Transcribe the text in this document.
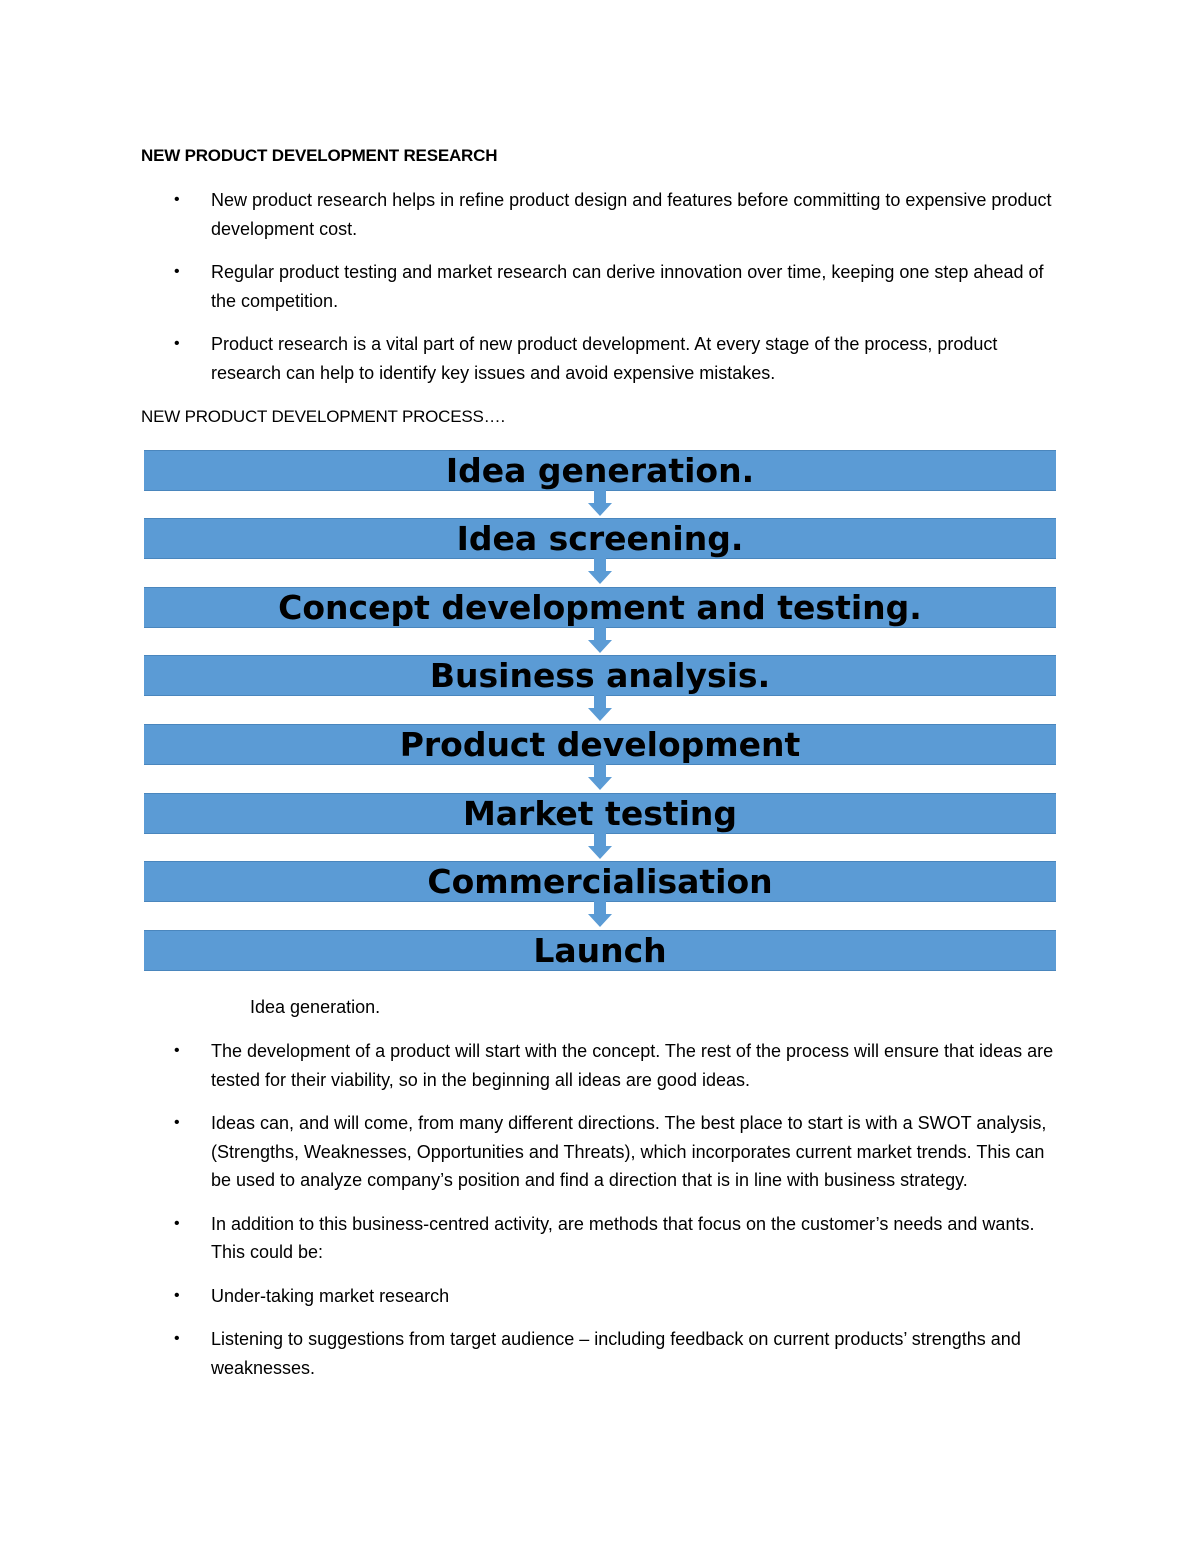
NEW PRODUCT DEVELOPMENT RESEARCH
• New product research helps in refine product design and features before committing to expensive product development cost.
• Regular product testing and market research can derive innovation over time, keeping one step ahead of the competition.
• Product research is a vital part of new product development. At every stage of the process, product research can help to identify key issues and avoid expensive mistakes.
NEW PRODUCT DEVELOPMENT PROCESS….
Idea generation.
Idea screening.
Concept development and testing.
Business analysis.
Product development
Market testing
Commercialisation
Launch
Idea generation.
• The development of a product will start with the concept. The rest of the process will ensure that ideas are tested for their viability, so in the beginning all ideas are good ideas.
• Ideas can, and will come, from many different directions. The best place to start is with a SWOT analysis, (Strengths, Weaknesses, Opportunities and Threats), which incorporates current market trends. This can be used to analyze company’s position and find a direction that is in line with business strategy.
• In addition to this business-centred activity, are methods that focus on the customer’s needs and wants. This could be:
• Under-taking market research
• Listening to suggestions from target audience – including feedback on current products’ strengths and weaknesses.
